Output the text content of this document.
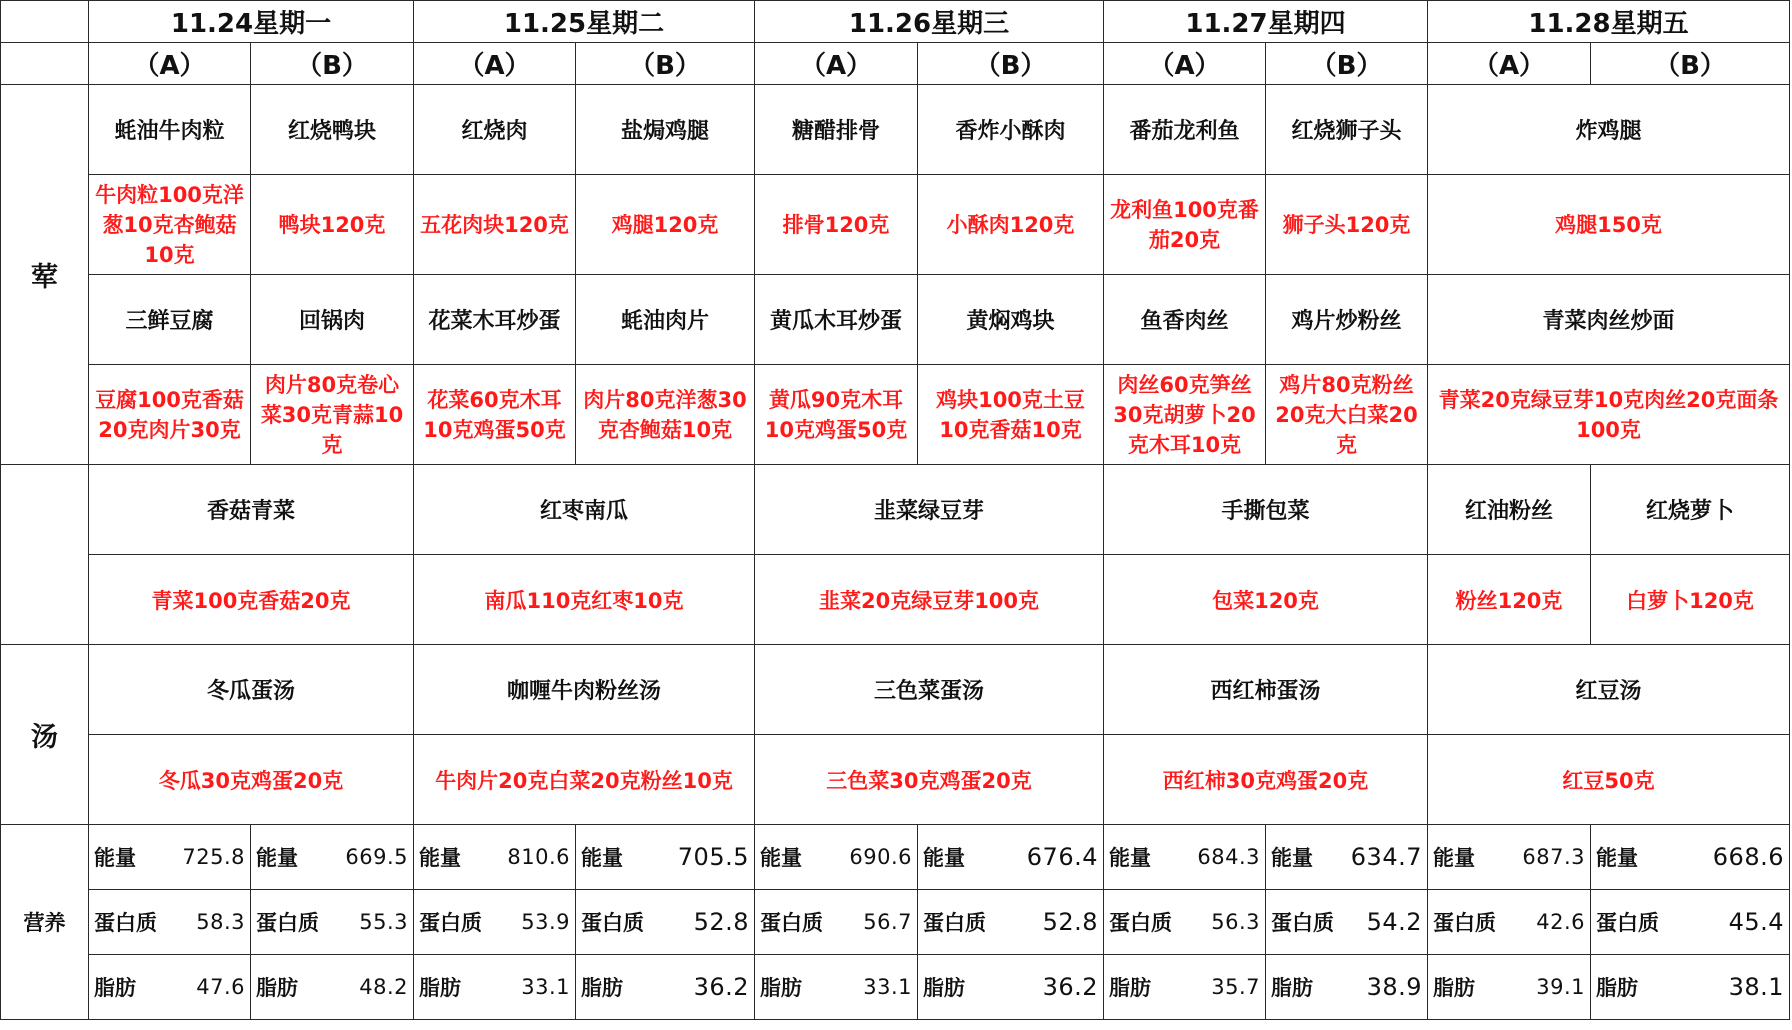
	11.24星期一		11.25星期二		11.26星期三		11.27星期四		11.28星期五	
	（A）	（B）	（A）	（B）	（A）	（B）	（A）	（B）	（A）	（B）
荤	蚝油牛肉粒	红烧鸭块	红烧肉	盐焗鸡腿	糖醋排骨	香炸小酥肉	番茄龙利鱼	红烧狮子头	炸鸡腿	
	牛肉粒100克洋葱10克杏鲍菇10克	鸭块120克	五花肉块120克	鸡腿120克	排骨120克	小酥肉120克	龙利鱼100克番茄20克	狮子头120克	鸡腿150克	
	三鲜豆腐	回锅肉	花菜木耳炒蛋	蚝油肉片	黄瓜木耳炒蛋	黄焖鸡块	鱼香肉丝	鸡片炒粉丝	青菜肉丝炒面	
	豆腐100克香菇20克肉片30克	肉片80克卷心菜30克青蒜10克	花菜60克木耳10克鸡蛋50克	肉片80克洋葱30克杏鲍菇10克	黄瓜90克木耳10克鸡蛋50克	鸡块100克土豆10克香菇10克	肉丝60克笋丝30克胡萝卜20克木耳10克	鸡片80克粉丝20克大白菜20克	青菜20克绿豆芽10克肉丝20克面条100克	
	香菇青菜		红枣南瓜		韭菜绿豆芽		手撕包菜		红油粉丝	红烧萝卜
	青菜100克香菇20克		南瓜110克红枣10克		韭菜20克绿豆芽100克		包菜120克		粉丝120克	白萝卜120克
汤	冬瓜蛋汤		咖喱牛肉粉丝汤		三色菜蛋汤		西红柿蛋汤		红豆汤	
	冬瓜30克鸡蛋20克		牛肉片20克白菜20克粉丝10克		三色菜30克鸡蛋20克		西红柿30克鸡蛋20克		红豆50克	
营养	能量 725.8	能量 669.5	能量 810.6	能量 705.5	能量 690.6	能量 676.4	能量 684.3	能量 634.7	能量 687.3	能量 668.6

	蛋白质 58.3	蛋白质 55.3	蛋白质 53.9	蛋白质 52.8	蛋白质 56.7	蛋白质 52.8	蛋白质 56.3	蛋白质 54.2	蛋白质 42.6	蛋白质 45.4

	脂肪 47.6	脂肪 48.2	脂肪 33.1	脂肪 36.2	脂肪 33.1	脂肪 36.2	脂肪 35.7	脂肪 38.9	脂肪 39.1	脂肪 38.1
